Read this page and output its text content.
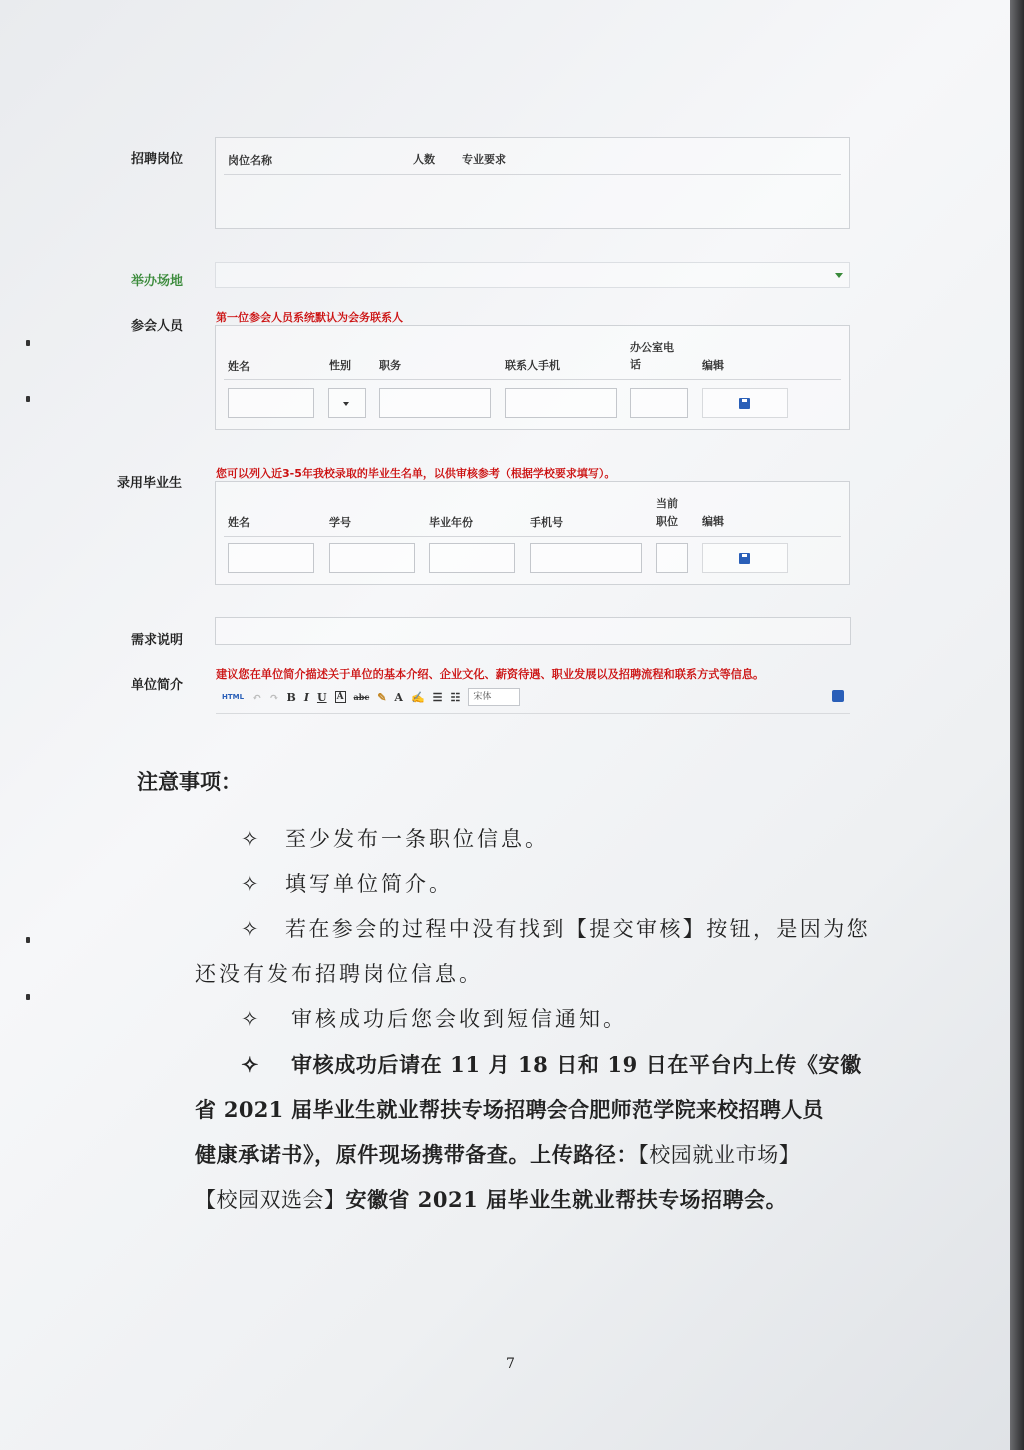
招聘岗位	岗位名称	人数 专业要求
举办场地
参会人员
第一位参会人员系统默认为会务联系人
姓名	性别	职务	联系人手机
办公室电
话	编辑
录用毕业生
您可以列入近3-5年我校录取的毕业生名单，以供审核参考（根据学校要求填写）。
姓名	学号	毕业年份	手机号
当前
职位 编辑
需求说明
单位简介
建议您在单位简介描述关于单位的基本介绍、企业文化、薪资待遇、职业发展以及招聘流程和联系方式等信息。
HTML ↶ ↷ B I U A abc ✎ A ✍ ☰ ☷	宋体
注意事项：
✧ 至少发布一条职位信息。
✧ 填写单位简介。
✧ 若在参会的过程中没有找到【提交审核】按钮，是因为您
还没有发布招聘岗位信息。
✧ 审核成功后您会收到短信通知。
✧ 审核成功后请在 11 月 18 日和 19 日在平台内上传《安徽
省 2021 届毕业生就业帮扶专场招聘会合肥师范学院来校招聘人员
健康承诺书》，原件现场携带备查。上传路径：【校园就业市场】
【校园双选会】安徽省 2021 届毕业生就业帮扶专场招聘会。
7
